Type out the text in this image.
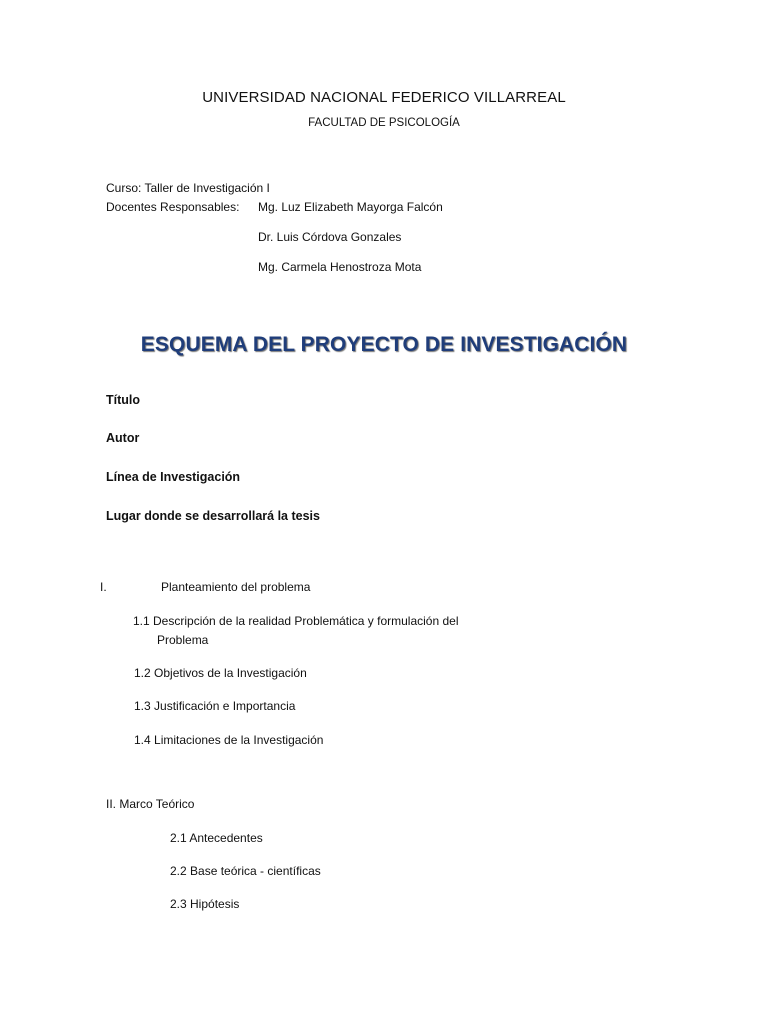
UNIVERSIDAD NACIONAL FEDERICO VILLARREAL
FACULTAD DE PSICOLOGÍA
Curso: Taller de Investigación I
Docentes Responsables: Mg. Luz Elizabeth Mayorga Falcón
Dr. Luis Córdova Gonzales
Mg. Carmela Henostroza Mota
ESQUEMA DEL PROYECTO DE INVESTIGACIÓN
Título
Autor
Línea de Investigación
Lugar donde se desarrollará la tesis
I.	Planteamiento del problema
1.1 Descripción de la realidad Problemática y formulación del
Problema
1.2 Objetivos de la Investigación
1.3 Justificación e Importancia
1.4 Limitaciones de la Investigación
II. Marco Teórico
2.1 Antecedentes
2.2 Base teórica - científicas
2.3 Hipótesis
